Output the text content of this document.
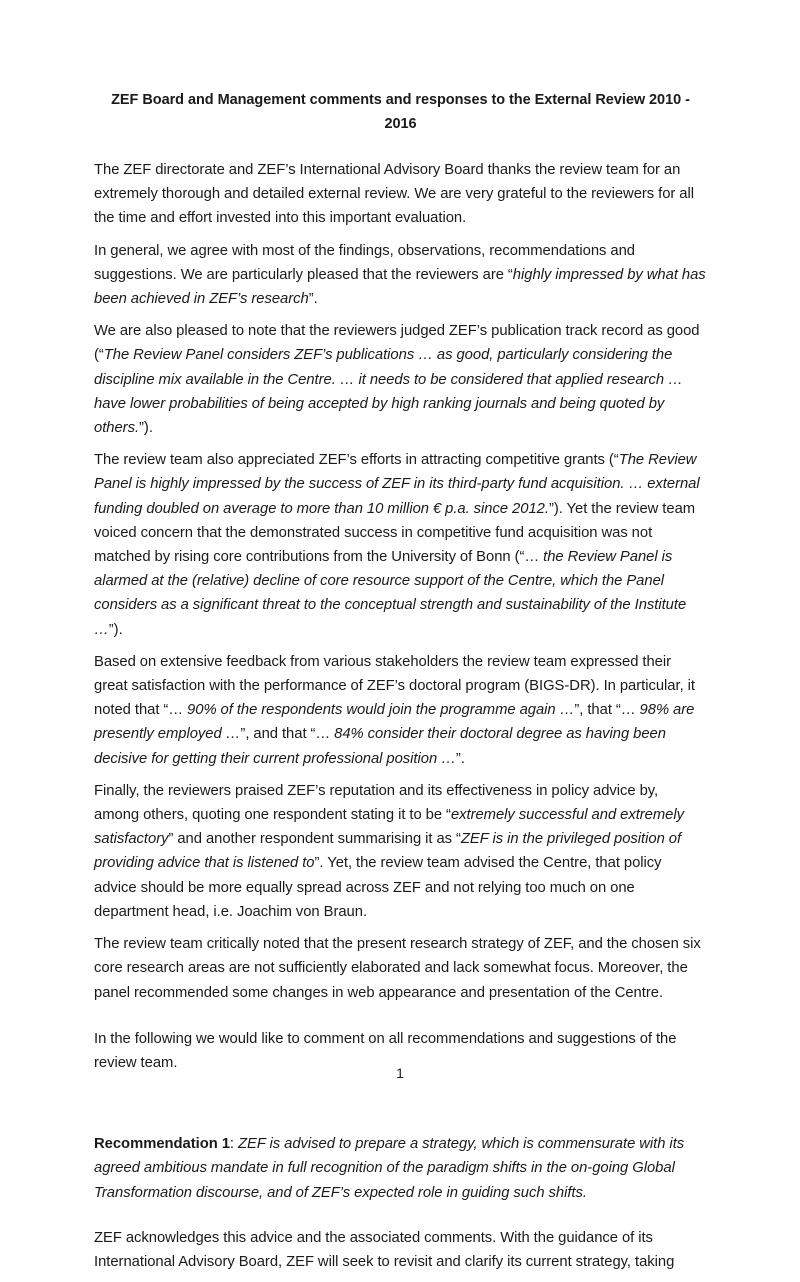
ZEF Board and Management comments and responses to the External Review 2010 - 2016

The ZEF directorate and ZEF’s International Advisory Board thanks the review team for an extremely thorough and detailed external review. We are very grateful to the reviewers for all the time and effort invested into this important evaluation.

In general, we agree with most of the findings, observations, recommendations and suggestions. We are particularly pleased that the reviewers are “highly impressed by what has been achieved in ZEF’s research”.

We are also pleased to note that the reviewers judged ZEF’s publication track record as good (“The Review Panel considers ZEF’s publications … as good, particularly considering the discipline mix available in the Centre. … it needs to be considered that applied research … have lower probabilities of being accepted by high ranking journals and being quoted by others.”).

The review team also appreciated ZEF’s efforts in attracting competitive grants (“The Review Panel is highly impressed by the success of ZEF in its third-party fund acquisition. … external funding doubled on average to more than 10 million € p.a. since 2012.”). Yet the review team voiced concern that the demonstrated success in competitive fund acquisition was not matched by rising core contributions from the University of Bonn (“… the Review Panel is alarmed at the (relative) decline of core resource support of the Centre, which the Panel considers as a significant threat to the conceptual strength and sustainability of the Institute …”).

Based on extensive feedback from various stakeholders the review team expressed their great satisfaction with the performance of ZEF’s doctoral program (BIGS-DR). In particular, it noted that “… 90% of the respondents would join the programme again …”, that “… 98% are presently employed …”, and that “… 84% consider their doctoral degree as having been decisive for getting their current professional position …”.

Finally, the reviewers praised ZEF’s reputation and its effectiveness in policy advice by, among others, quoting one respondent stating it to be “extremely successful and extremely satisfactory” and another respondent summarising it as “ZEF is in the privileged position of providing advice that is listened to”. Yet, the review team advised the Centre, that policy advice should be more equally spread across ZEF and not relying too much on one department head, i.e. Joachim von Braun.

The review team critically noted that the present research strategy of ZEF, and the chosen six core research areas are not sufficiently elaborated and lack somewhat focus. Moreover, the panel recommended some changes in web appearance and presentation of the Centre.

In the following we would like to comment on all recommendations and suggestions of the review team.

Recommendation 1: ZEF is advised to prepare a strategy, which is commensurate with its agreed ambitious mandate in full recognition of the paradigm shifts in the on-going Global Transformation discourse, and of ZEF’s expected role in guiding such shifts.

ZEF acknowledges this advice and the associated comments. With the guidance of its International Advisory Board, ZEF will seek to revisit and clarify its current strategy, taking

1
